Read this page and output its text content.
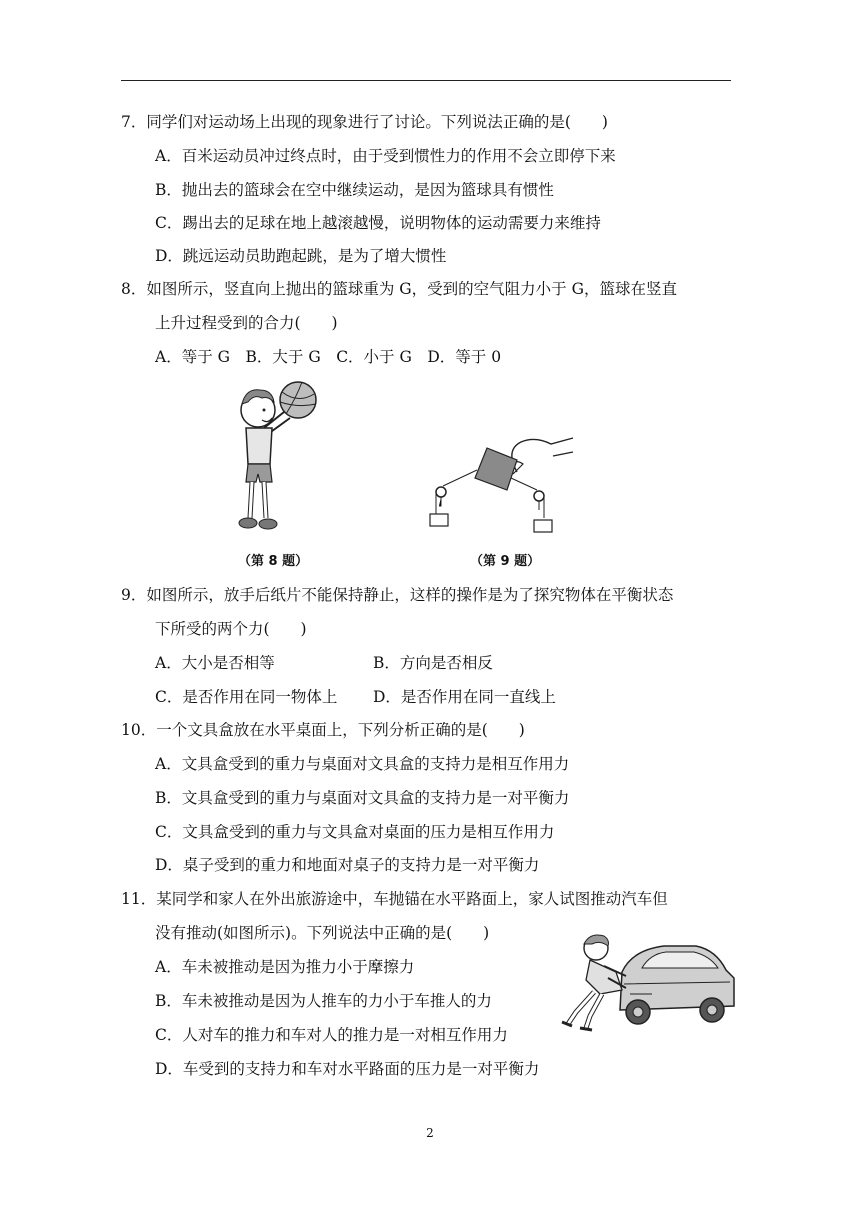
7．同学们对运动场上出现的现象进行了讨论。下列说法正确的是(　　)
A．百米运动员冲过终点时，由于受到惯性力的作用不会立即停下来
B．抛出去的篮球会在空中继续运动，是因为篮球具有惯性
C．踢出去的足球在地上越滚越慢，说明物体的运动需要力来维持
D．跳远运动员助跑起跳，是为了增大惯性
8．如图所示，竖直向上抛出的篮球重为 G，受到的空气阻力小于 G，篮球在竖直
上升过程受到的合力(　　)
A．等于 G　B．大于 G　C．小于 G　D．等于 0
（第 8 题）	（第 9 题）
9．如图所示，放手后纸片不能保持静止，这样的操作是为了探究物体在平衡状态
下所受的两个力(　　)
A．大小是否相等	B．方向是否相反
C．是否作用在同一物体上 D．是否作用在同一直线上
10．一个文具盒放在水平桌面上，下列分析正确的是(　　)
A．文具盒受到的重力与桌面对文具盒的支持力是相互作用力
B．文具盒受到的重力与桌面对文具盒的支持力是一对平衡力
C．文具盒受到的重力与文具盒对桌面的压力是相互作用力
D．桌子受到的重力和地面对桌子的支持力是一对平衡力
11．某同学和家人在外出旅游途中，车抛锚在水平路面上，家人试图推动汽车但
没有推动(如图所示)。下列说法中正确的是(　　)
A．车未被推动是因为推力小于摩擦力
B．车未被推动是因为人推车的力小于车推人的力
C．人对车的推力和车对人的推力是一对相互作用力
D．车受到的支持力和车对水平路面的压力是一对平衡力
2
